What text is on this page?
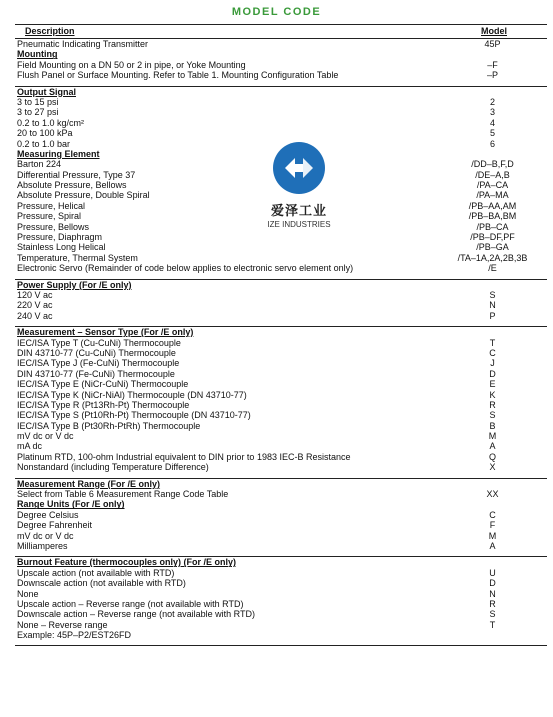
MODEL CODE
Description	Model
Pneumatic Indicating Transmitter	45P
Mounting
Field Mounting on a DN 50 or 2 in pipe, or Yoke Mounting	–F
Flush Panel or Surface Mounting. Refer to Table 1. Mounting Configuration Table	–P
Output Signal
3 to 15 psi	2
3 to 27 psi	3
0.2 to 1.0 kg/cm²	4
20 to 100 kPa	5
0.2 to 1.0 bar	6
Measuring Element
Barton 224	/DD–B,F,D
Differential Pressure, Type 37	/DE–A,B
Absolute Pressure, Bellows	/PA–CA
Absolute Pressure, Double Spiral	/PA–MA
Pressure, Helical	/PB–AA,AM
Pressure, Spiral	/PB–BA,BM
Pressure, Bellows	/PB–CA
Pressure, Diaphragm	/PB–DF,PF
Stainless Long Helical	/PB–GA
Temperature, Thermal System	/TA–1A,2A,2B,3B
Electronic Servo (Remainder of code below applies to electronic servo element only)	/E
Power Supply (For /E only)
120 V ac	S
220 V ac	N
240 V ac	P
Measurement – Sensor Type (For /E only)
IEC/ISA Type T (Cu-CuNi) Thermocouple	T
DIN 43710-77 (Cu-CuNi) Thermocouple	C
IEC/ISA Type J (Fe-CuNi) Thermocouple	J
DIN 43710-77 (Fe-CuNi) Thermocouple	D
IEC/ISA Type E (NiCr-CuNi) Thermocouple	E
IEC/ISA Type K (NiCr-NiAl) Thermocouple (DN 43710-77)	K
IEC/ISA Type R (Pt13Rh-Pt) Thermocouple	R
IEC/ISA Type S (Pt10Rh-Pt) Thermocouple (DN 43710-77)	S
IEC/ISA Type B (Pt30Rh-PtRh) Thermocouple	B
mV dc or V dc	M
mA dc	A
Platinum RTD, 100-ohm Industrial equivalent to DIN prior to 1983 IEC-B Resistance	Q
Nonstandard (including Temperature Difference)	X
Measurement Range (For /E only)
Select from Table 6 Measurement Range Code Table	XX
Range Units (For /E only)
Degree Celsius	C
Degree Fahrenheit	F
mV dc or V dc	M
Milliamperes	A
Burnout Feature (thermocouples only) (For /E only)
Upscale action (not available with RTD)	U
Downscale action (not available with RTD)	D
None	N
Upscale action – Reverse range (not available with RTD)	R
Downscale action – Reverse range (not available with RTD)	S
None – Reverse range	T
Example: 45P–P2/EST26FD
爱泽工业
IZE INDUSTRIES
